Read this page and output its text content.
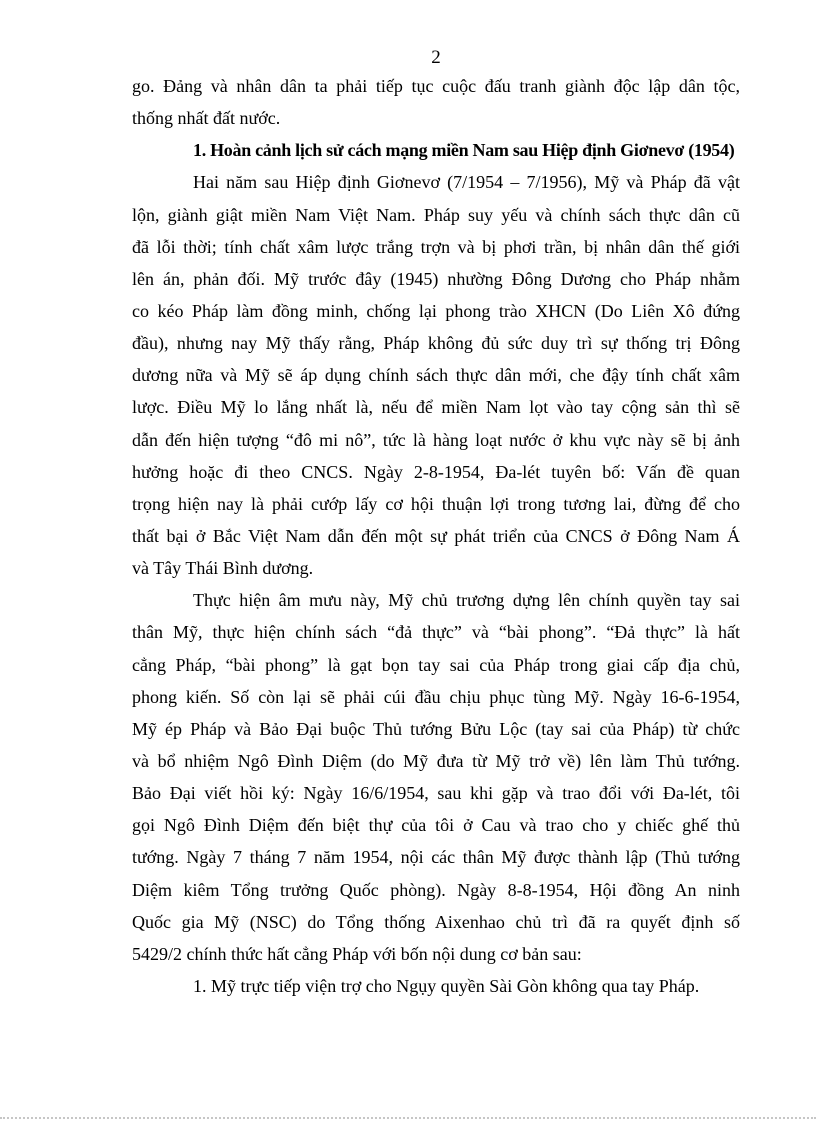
2
go. Đảng và nhân dân ta phải tiếp tục cuộc đấu tranh giành độc lập dân tộc,
thống nhất đất nước.
1. Hoàn cảnh lịch sử cách mạng miền Nam sau Hiệp định Giơnevơ (1954)
Hai năm sau Hiệp định Giơnevơ (7/1954 – 7/1956), Mỹ và Pháp đã vật
lộn, giành giật miền Nam Việt Nam. Pháp suy yếu và chính sách thực dân cũ
đã lỗi thời; tính chất xâm lược trắng trợn và bị phơi trần, bị nhân dân thế giới
lên án, phản đối. Mỹ trước đây (1945) nhường Đông Dương cho Pháp nhằm
co kéo Pháp làm đồng minh, chống lại phong trào XHCN (Do Liên Xô đứng
đầu), nhưng nay Mỹ thấy rằng, Pháp không đủ sức duy trì sự thống trị Đông
dương nữa và Mỹ sẽ áp dụng chính sách thực dân mới, che đậy tính chất xâm
lược. Điều Mỹ lo lắng nhất là, nếu để miền Nam lọt vào tay cộng sản thì sẽ
dẫn đến hiện tượng “đô mi nô”, tức là hàng loạt nước ở khu vực này sẽ bị ảnh
hưởng hoặc đi theo CNCS. Ngày 2-8-1954, Đa-lét tuyên bố: Vấn đề quan
trọng hiện nay là phải cướp lấy cơ hội thuận lợi trong tương lai, đừng để cho
thất bại ở Bắc Việt Nam dẫn đến một sự phát triển của CNCS ở Đông Nam Á
và Tây Thái Bình dương.
Thực hiện âm mưu này, Mỹ chủ trương dựng lên chính quyền tay sai
thân Mỹ, thực hiện chính sách “đả thực” và “bài phong”. “Đả thực” là hất
cẳng Pháp, “bài phong” là gạt bọn tay sai của Pháp trong giai cấp địa chủ,
phong kiến. Số còn lại sẽ phải cúi đầu chịu phục tùng Mỹ. Ngày 16-6-1954,
Mỹ ép Pháp và Bảo Đại buộc Thủ tướng Bửu Lộc (tay sai của Pháp) từ chức
và bổ nhiệm Ngô Đình Diệm (do Mỹ đưa từ Mỹ trở về) lên làm Thủ tướng.
Bảo Đại viết hồi ký: Ngày 16/6/1954, sau khi gặp và trao đổi với Đa-lét, tôi
gọi Ngô Đình Diệm đến biệt thự của tôi ở Cau và trao cho y chiếc ghế thủ
tướng. Ngày 7 tháng 7 năm 1954, nội các thân Mỹ được thành lập (Thủ tướng
Diệm kiêm Tổng trưởng Quốc phòng). Ngày 8-8-1954, Hội đồng An ninh
Quốc gia Mỹ (NSC) do Tổng thống Aixenhao chủ trì đã ra quyết định số
5429/2 chính thức hất cẳng Pháp với bốn nội dung cơ bản sau:
1. Mỹ trực tiếp viện trợ cho Ngụy quyền Sài Gòn không qua tay Pháp.
